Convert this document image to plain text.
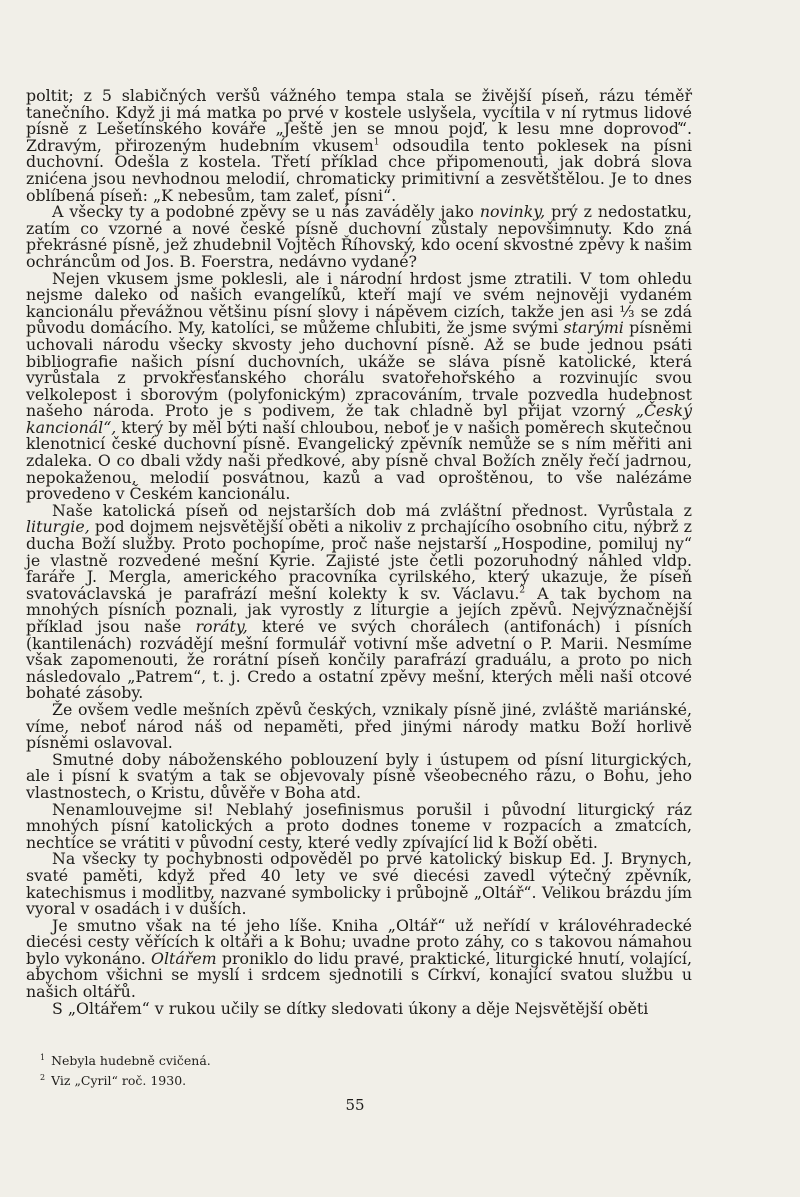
poltit; z 5 slabičných veršů vážného tempa stala se živější píseň, rázu téměř tanečního. Když ji má matka po prvé v kostele uslyšela, vycítila v ní rytmus lidové písně z Lešetínského kováře „Ještě jen se mnou pojď, k lesu mne doprovoď“. Zdravým, přirozeným hudebním vkusem$^1$ odsoudila tento poklesek na písni duchovní. Odešla z kostela. Třetí příklad chce připomenouti, jak dobrá slova znićena jsou nevhodnou melodií, chromaticky primitivní a zesvětštělou. Je to dnes oblíbená píseň: „K nebesům, tam zaleť, písni“.

A všecky ty a podobné zpěvy se u nás zaváděly jako novinky, prý z nedostatku, zatím co vzorné a nové české písně duchovní zůstaly nepovšimnuty. Kdo zná překrásné písně, jež zhudebnil Vojtěch Říhovský, kdo ocení skvostné zpěvy k našim ochráncům od Jos. B. Foerstra, nedávno vydané?

Nejen vkusem jsme poklesli, ale i národní hrdost jsme ztratili. V tom ohledu nejsme daleko od našich evangelíků, kteří mají ve svém nejnověji vydaném kancionálu převážnou většinu písní slovy i nápěvem cizích, takže jen asi ⅓ se zdá původu domácího. My, katolíci, se můžeme chlubiti, že jsme svými starými písněmi uchovali národu všecky skvosty jeho duchovní písně. Až se bude jednou psáti bibliografie našich písní duchovních, ukáže se sláva písně katolické, která vyrůstala z prvokřesťanského chorálu svatořehořského a rozvinujíc svou velkolepost i sborovým (polyfonickým) zpracováním, trvale pozvedla hudebnost našeho národa. Proto je s podivem, že tak chladně byl přijat vzorný „Český kancionál“, který by měl býti naší chloubou, neboť je v našich poměrech skutečnou klenotnicí české duchovní písně. Evangelický zpěvník nemůže se s ním měřiti ani zdaleka. O co dbali vždy naši předkové, aby písně chval Božích zněly řečí jadrnou, nepokaženou, melodií posvátnou, kazů a vad oproštěnou, to vše nalézáme provedeno v Českém kancionálu.

Naše katolická píseň od nejstarších dob má zvláštní přednost. Vyrůstala z liturgie, pod dojmem nejsvětější oběti a nikoliv z prchajícího osobního citu, nýbrž z ducha Boží služby. Proto pochopíme, proč naše nejstarší „Hospodine, pomiluj ny“ je vlastně rozvedené mešní Kyrie. Zajisté jste četli pozoruhodný náhled vldp. faráře J. Mergla, amerického pracovníka cyrilského, který ukazuje, že píseň svatováclavská je parafrází mešní kolekty k sv. Václavu.$^2$ A tak bychom na mnohých písních poznali, jak vyrostly z liturgie a jejích zpěvů. Nejvýznačnější příklad jsou naše roráty, které ve svých chorálech (antifonách) i písních (kantilenách) rozvádějí mešní formulář votivní mše advetní o P. Marii. Nesmíme však zapomenouti, že rorátní píseň končily parafrází graduálu, a proto po nich následovalo „Patrem“, t. j. Credo a ostatní zpěvy mešní, kterých měli naši otcové bohaté zásoby.

Že ovšem vedle mešních zpěvů českých, vznikaly písně jiné, zvláště mariánské, víme, neboť národ náš od nepaměti, před jinými národy matku Boží horlivě písněmi oslavoval.

Smutné doby náboženského poblouzení byly i ústupem od písní liturgických, ale i písní k svatým a tak se objevovaly písně všeobecného rázu, o Bohu, jeho vlastnostech, o Kristu, důvěře v Boha atd.

Nenamlouvejme si! Neblahý josefinismus porušil i původní liturgický ráz mnohých písní katolických a proto dodnes toneme v rozpacích a zmatcích, nechtíce se vrátiti v původní cesty, které vedly zpívající lid k Boží oběti.

Na všecky ty pochybnosti odpověděl po prvé katolický biskup Ed. J. Brynych, svaté paměti, když před 40 lety ve své diecési zavedl výtečný zpěvník, katechismus i modlitby, nazvané symbolicky i průbojně „Oltář“. Velikou brázdu jím vyoral v osadách i v duších.

Je smutno však na té jeho líše. Kniha „Oltář“ už neřídí v královéhradecké diecési cesty věřících k oltáři a k Bohu; uvadne proto záhy, co s takovou námahou bylo vykonáno. Oltářem proniklo do lidu pravé, praktické, liturgické hnutí, volající, abychom všichni se myslí i srdcem sjednotili s Církví, konající svatou službu u našich oltářů.

S „Oltářem“ v rukou učily se dítky sledovati úkony a děje Nejsvětější oběti

$^1$ Nebyla hudebně cvičená.
$^2$ Viz „Cyril“ roč. 1930.
55
